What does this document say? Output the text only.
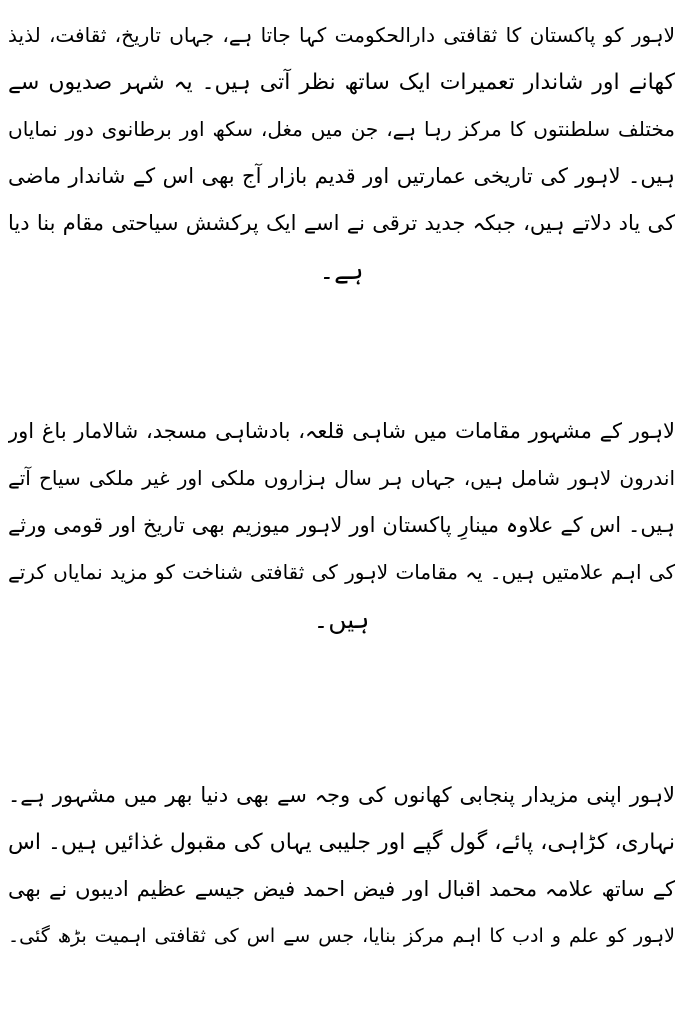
لاہور کو پاکستان کا ثقافتی دارالحکومت کہا جاتا ہے، جہاں تاریخ، ثقافت، لذیذ
کھانے اور شاندار تعمیرات ایک ساتھ نظر آتی ہیں۔ یہ شہر صدیوں سے
مختلف سلطنتوں کا مرکز رہا ہے، جن میں مغل، سکھ اور برطانوی دور نمایاں
ہیں۔ لاہور کی تاریخی عمارتیں اور قدیم بازار آج بھی اس کے شاندار ماضی
کی یاد دلاتے ہیں، جبکہ جدید ترقی نے اسے ایک پرکشش سیاحتی مقام بنا دیا
ہے۔
لاہور کے مشہور مقامات میں شاہی قلعہ، بادشاہی مسجد، شالامار باغ اور
اندرون لاہور شامل ہیں، جہاں ہر سال ہزاروں ملکی اور غیر ملکی سیاح آتے
ہیں۔ اس کے علاوہ مینارِ پاکستان اور لاہور میوزیم بھی تاریخ اور قومی ورثے
کی اہم علامتیں ہیں۔ یہ مقامات لاہور کی ثقافتی شناخت کو مزید نمایاں کرتے
ہیں۔
لاہور اپنی مزیدار پنجابی کھانوں کی وجہ سے بھی دنیا بھر میں مشہور ہے۔
نہاری، کڑاہی، پائے، گول گپے اور جلیبی یہاں کی مقبول غذائیں ہیں۔ اس
کے ساتھ علامہ محمد اقبال اور فیض احمد فیض جیسے عظیم ادیبوں نے بھی
لاہور کو علم و ادب کا اہم مرکز بنایا، جس سے اس کی ثقافتی اہمیت بڑھ گئی۔
